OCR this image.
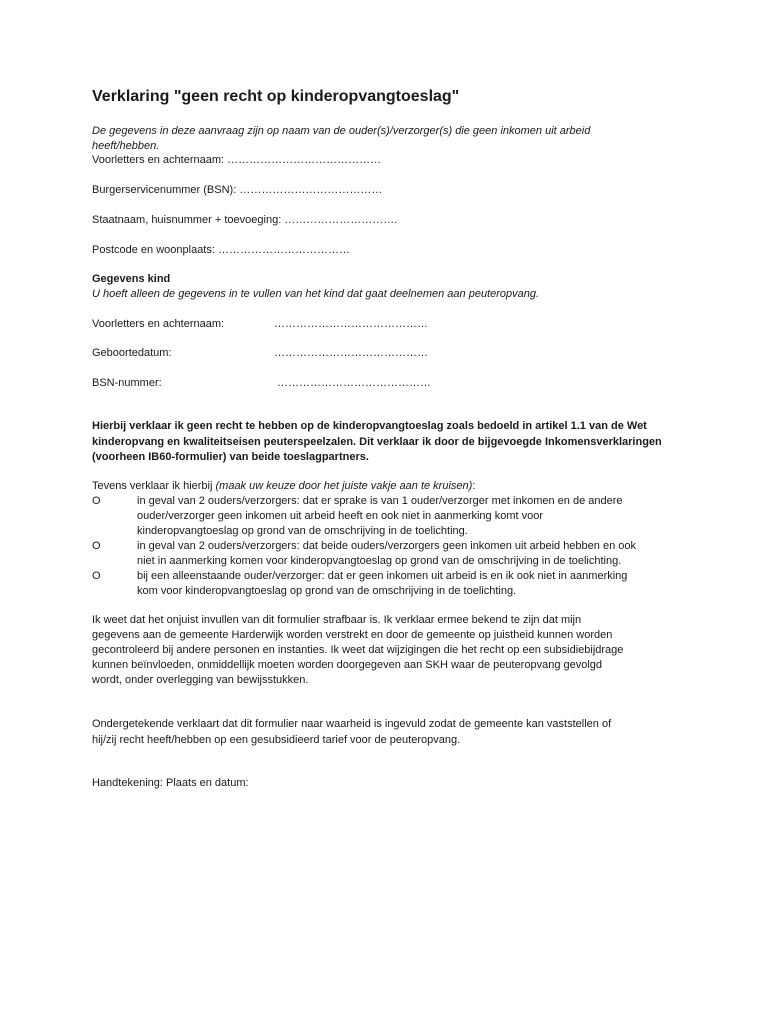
Verklaring "geen recht op kinderopvangtoeslag"
De gegevens in deze aanvraag zijn op naam van de ouder(s)/verzorger(s) die geen inkomen uit arbeid
heeft/hebben.
Voorletters en achternaam: ……………………………………
Burgerservicenummer (BSN): …………………………………
Staatnaam, huisnummer + toevoeging: ………………………….
Postcode en woonplaats: ………………………………
Gegevens kind
U hoeft alleen de gegevens in te vullen van het kind dat gaat deelnemen aan peuteropvang.
Voorletters en achternaam:	……………………………………
Geboortedatum:	……………………………………
BSN-nummer:	……………………………………
Hierbij verklaar ik geen recht te hebben op de kinderopvangtoeslag zoals bedoeld in artikel 1.1 van de Wet
kinderopvang en kwaliteitseisen peuterspeelzalen. Dit verklaar ik door de bijgevoegde Inkomensverklaringen
(voorheen IB60-formulier) van beide toeslagpartners.
Tevens verklaar ik hierbij (maak uw keuze door het juiste vakje aan te kruisen):
O	in geval van 2 ouders/verzorgers: dat er sprake is van 1 ouder/verzorger met inkomen en de andere
ouder/verzorger geen inkomen uit arbeid heeft en ook niet in aanmerking komt voor
kinderopvangtoeslag op grond van de omschrijving in de toelichting.
O	in geval van 2 ouders/verzorgers: dat beide ouders/verzorgers geen inkomen uit arbeid hebben en ook
niet in aanmerking komen voor kinderopvangtoeslag op grond van de omschrijving in de toelichting.
O	bij een alleenstaande ouder/verzorger: dat er geen inkomen uit arbeid is en ik ook niet in aanmerking
kom voor kinderopvangtoeslag op grond van de omschrijving in de toelichting.
Ik weet dat het onjuist invullen van dit formulier strafbaar is. Ik verklaar ermee bekend te zijn dat mijn
gegevens aan de gemeente Harderwijk worden verstrekt en door de gemeente op juistheid kunnen worden
gecontroleerd bij andere personen en instanties. Ik weet dat wijzigingen die het recht op een subsidiebijdrage
kunnen beïnvloeden, onmiddellijk moeten worden doorgegeven aan SKH waar de peuteropvang gevolgd
wordt, onder overlegging van bewijsstukken.
Ondergetekende verklaart dat dit formulier naar waarheid is ingevuld zodat de gemeente kan vaststellen of
hij/zij recht heeft/hebben op een gesubsidieerd tarief voor de peuteropvang.
Handtekening: Plaats en datum:
